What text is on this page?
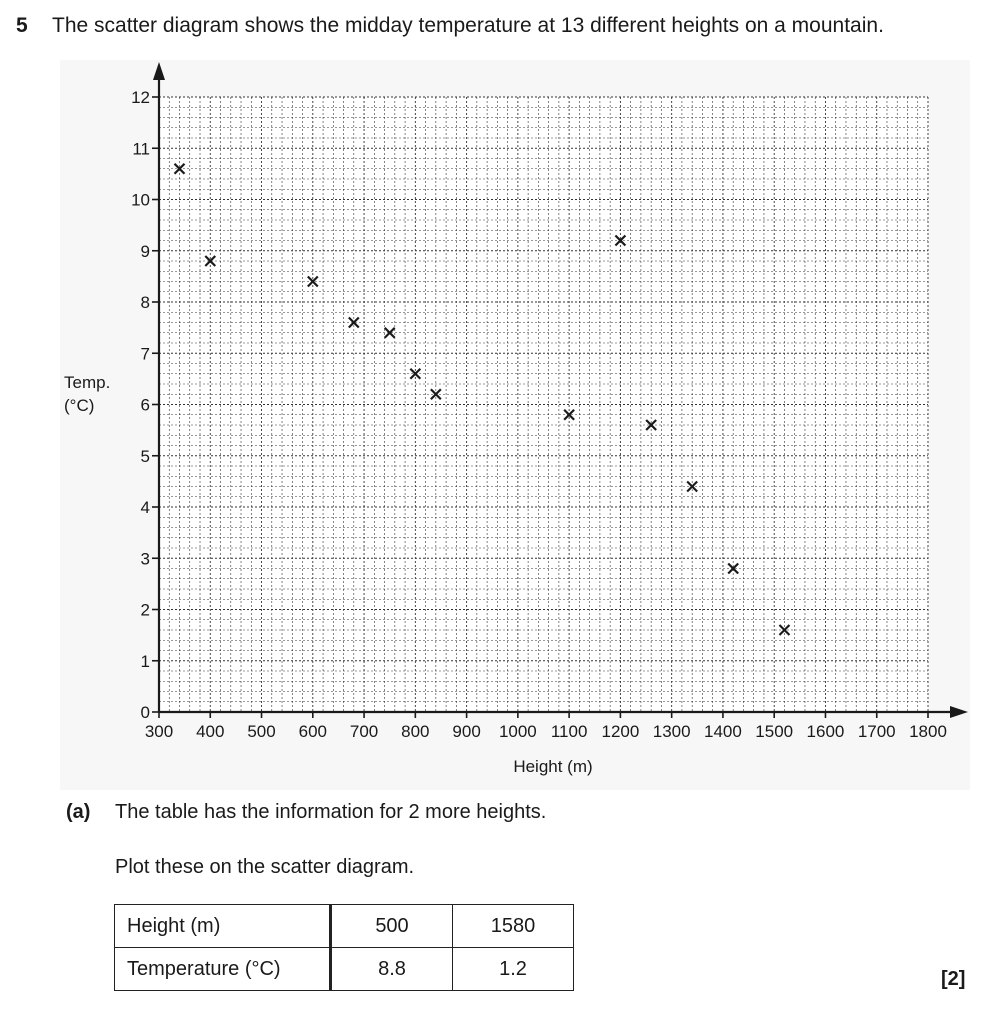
5 The scatter diagram shows the midday temperature at 13 different heights on a mountain.
0
1
2
3
4
5
6
7
8
9
10
11
12
300 400 500 600 700 800 900 1000 1100 1200 1300 1400 1500 1600 1700 1800
Height (m)
Temp.
(°C)
(a) The table has the information for 2 more heights.
Plot these on the scatter diagram.
Height (m)	500	1580
Temperature (°C)	8.8	1.2	[2]
